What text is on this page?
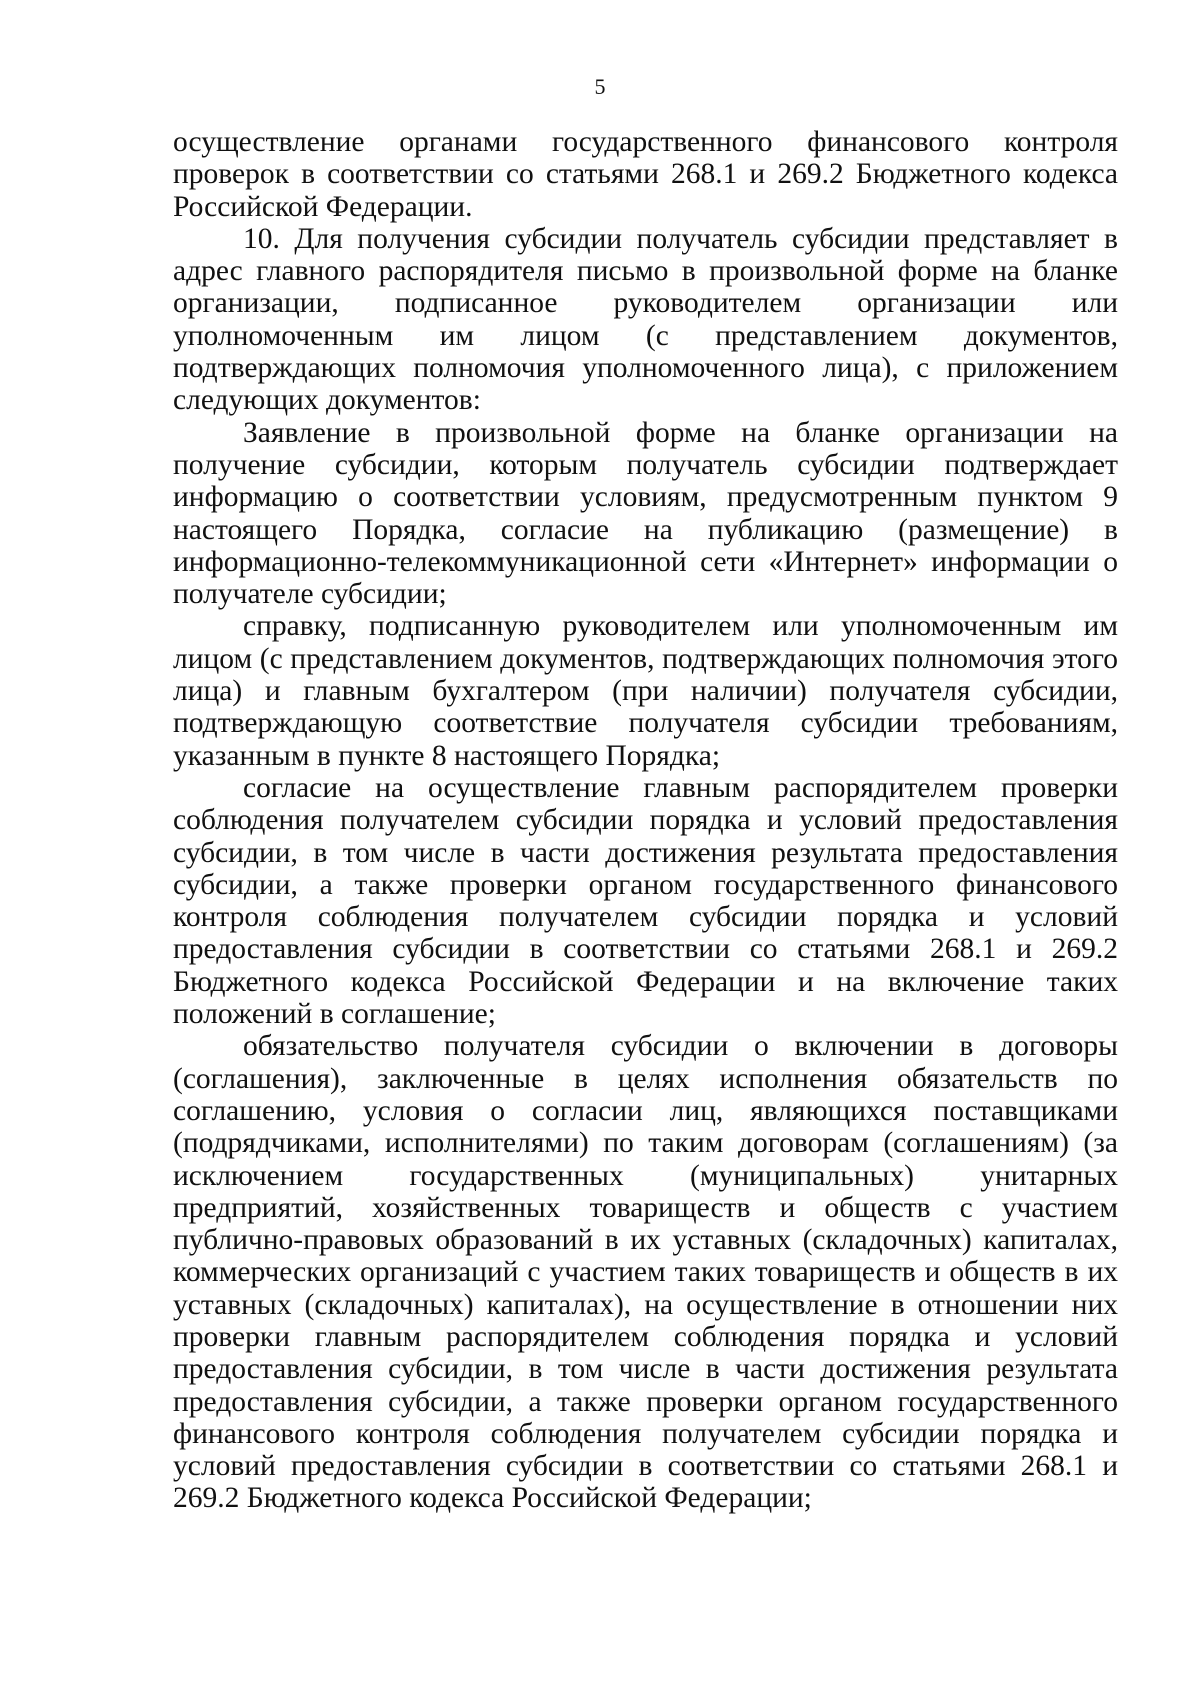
5

осуществление органами государственного финансового контроля проверок в соответствии со статьями 268.1 и 269.2 Бюджетного кодекса Российской Федерации.

10. Для получения субсидии получатель субсидии представляет в адрес главного распорядителя письмо в произвольной форме на бланке организации, подписанное руководителем организации или уполномоченным им лицом (с представлением документов, подтверждающих полномочия уполномоченного лица), с приложением следующих документов:

Заявление в произвольной форме на бланке организации на получение субсидии, которым получатель субсидии подтверждает информацию о соответствии условиям, предусмотренным пунктом 9 настоящего Порядка, согласие на публикацию (размещение) в информационно-телекоммуникационной сети «Интернет» информации о получателе субсидии;

справку, подписанную руководителем или уполномоченным им лицом (с представлением документов, подтверждающих полномочия этого лица) и главным бухгалтером (при наличии) получателя субсидии, подтверждающую соответствие получателя субсидии требованиям, указанным в пункте 8 настоящего Порядка;

согласие на осуществление главным распорядителем проверки соблюдения получателем субсидии порядка и условий предоставления субсидии, в том числе в части достижения результата предоставления субсидии, а также проверки органом государственного финансового контроля соблюдения получателем субсидии порядка и условий предоставления субсидии в соответствии со статьями 268.1 и 269.2 Бюджетного кодекса Российской Федерации и на включение таких положений в соглашение;

обязательство получателя субсидии о включении в договоры (соглашения), заключенные в целях исполнения обязательств по соглашению, условия о согласии лиц, являющихся поставщиками (подрядчиками, исполнителями) по таким договорам (соглашениям) (за исключением государственных (муниципальных) унитарных предприятий, хозяйственных товариществ и обществ с участием публично-правовых образований в их уставных (складочных) капиталах, коммерческих организаций с участием таких товариществ и обществ в их уставных (складочных) капиталах), на осуществление в отношении них проверки главным распорядителем соблюдения порядка и условий предоставления субсидии, в том числе в части достижения результата предоставления субсидии, а также проверки органом государственного финансового контроля соблюдения получателем субсидии порядка и условий предоставления субсидии в соответствии со статьями 268.1 и 269.2 Бюджетного кодекса Российской Федерации;
